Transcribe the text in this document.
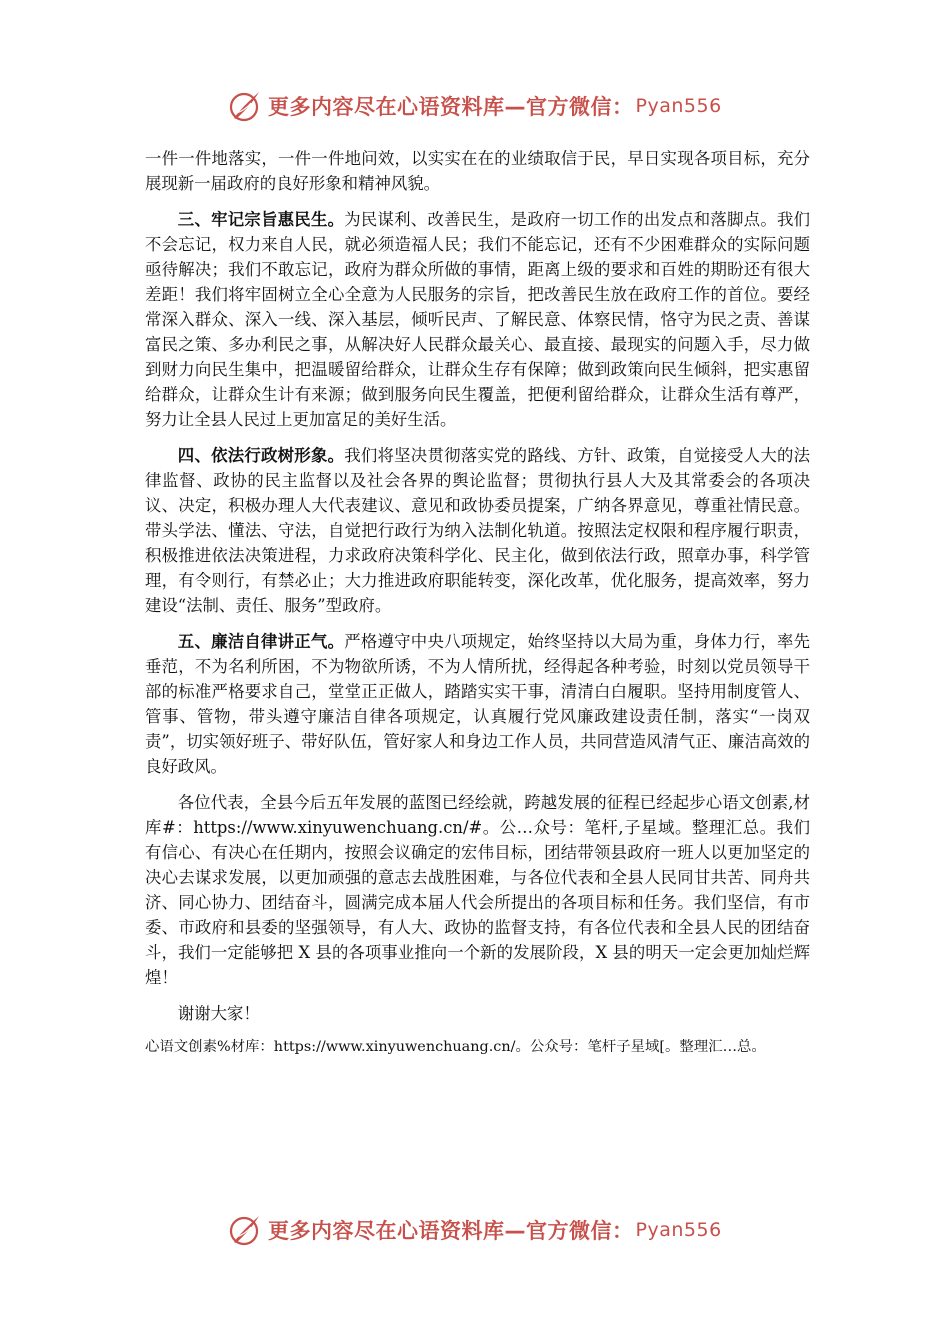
更多内容尽在心语资料库—官方微信： Pyan556

一件一件地落实，一件一件地问效，以实实在在的业绩取信于民，早日实现各项目标，充分展现新一届政府的良好形象和精神风貌。

三、牢记宗旨惠民生。为民谋利、改善民生，是政府一切工作的出发点和落脚点。我们不会忘记，权力来自人民，就必须造福人民；我们不能忘记，还有不少困难群众的实际问题亟待解决；我们不敢忘记，政府为群众所做的事情，距离上级的要求和百姓的期盼还有很大差距！我们将牢固树立全心全意为人民服务的宗旨，把改善民生放在政府工作的首位。要经常深入群众、深入一线、深入基层，倾听民声、了解民意、体察民情，恪守为民之责、善谋富民之策、多办利民之事，从解决好人民群众最关心、最直接、最现实的问题入手，尽力做到财力向民生集中，把温暖留给群众，让群众生存有保障；做到政策向民生倾斜，把实惠留给群众，让群众生计有来源；做到服务向民生覆盖，把便利留给群众，让群众生活有尊严，努力让全县人民过上更加富足的美好生活。

四、依法行政树形象。我们将坚决贯彻落实党的路线、方针、政策，自觉接受人大的法律监督、政协的民主监督以及社会各界的舆论监督；贯彻执行县人大及其常委会的各项决议、决定，积极办理人大代表建议、意见和政协委员提案，广纳各界意见，尊重社情民意。带头学法、懂法、守法，自觉把行政行为纳入法制化轨道。按照法定权限和程序履行职责，积极推进依法决策进程，力求政府决策科学化、民主化，做到依法行政，照章办事，科学管理，有令则行，有禁必止；大力推进政府职能转变，深化改革，优化服务，提高效率，努力建设“法制、责任、服务”型政府。

五、廉洁自律讲正气。严格遵守中央八项规定，始终坚持以大局为重，身体力行，率先垂范，不为名利所困，不为物欲所诱，不为人情所扰，经得起各种考验，时刻以党员领导干部的标准严格要求自己，堂堂正正做人，踏踏实实干事，清清白白履职。坚持用制度管人、管事、管物，带头遵守廉洁自律各项规定，认真履行党风廉政建设责任制，落实“一岗双责”，切实领好班子、带好队伍，管好家人和身边工作人员，共同营造风清气正、廉洁高效的良好政风。

各位代表，全县今后五年发展的蓝图已经绘就，跨越发展的征程已经起步心语文创素,材库#：https://www.xinyuwenchuang.cn/#。公…众号：笔杆,子星域。整理汇总。我们有信心、有决心在任期内，按照会议确定的宏伟目标，团结带领县政府一班人以更加坚定的决心去谋求发展，以更加顽强的意志去战胜困难，与各位代表和全县人民同甘共苦、同舟共济、同心协力、团结奋斗，圆满完成本届人代会所提出的各项目标和任务。我们坚信，有市委、市政府和县委的坚强领导，有人大、政协的监督支持，有各位代表和全县人民的团结奋斗，我们一定能够把 X 县的各项事业推向一个新的发展阶段，X 县的明天一定会更加灿烂辉煌！

谢谢大家！

心语文创素%材库：https://www.xinyuwenchuang.cn/。公众号：笔杆子星域[。整理汇…总。

更多内容尽在心语资料库—官方微信： Pyan556
